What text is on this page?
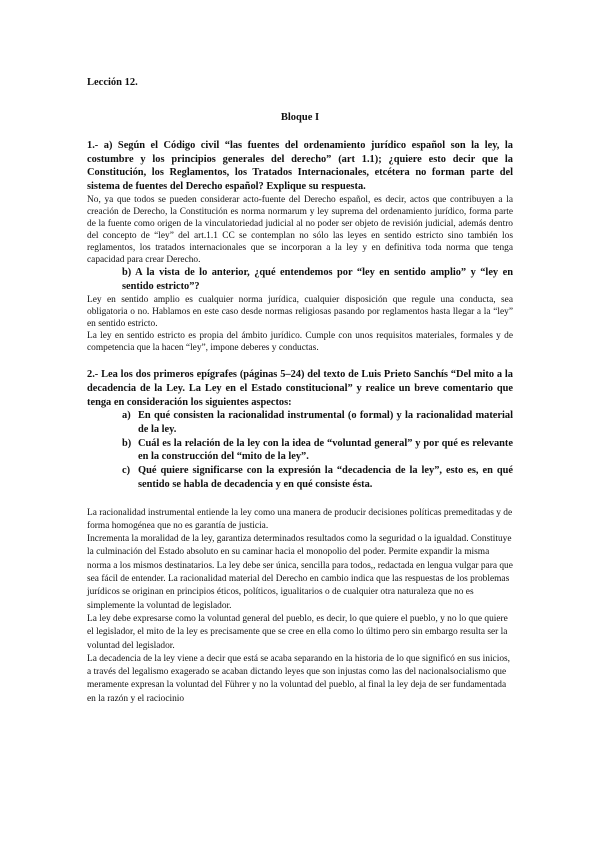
Lección 12.
Bloque I

1.- a) Según el Código civil “las fuentes del ordenamiento jurídico español son la ley, la costumbre y los principios generales del derecho” (art 1.1); ¿quiere esto decir que la Constitución, los Reglamentos, los Tratados Internacionales, etcétera no forman parte del sistema de fuentes del Derecho español? Explique su respuesta.

No, ya que todos se pueden considerar acto-fuente del Derecho español, es decir, actos que contribuyen a la creación de Derecho, la Constitución es norma normarum y ley suprema del ordenamiento jurídico, forma parte de la fuente como origen de la vinculatoriedad judicial al no poder ser objeto de revisión judicial, además dentro del concepto de “ley” del art.1.1 CC se contemplan no sólo las leyes en sentido estricto sino también los reglamentos, los tratados internacionales que se incorporan a la ley y en definitiva toda norma que tenga capacidad para crear Derecho.

b) A la vista de lo anterior, ¿qué entendemos por “ley en sentido amplio” y “ley en sentido estricto”?

Ley en sentido amplio es cualquier norma jurídica, cualquier disposición que regule una conducta, sea obligatoria o no. Hablamos en este caso desde normas religiosas pasando por reglamentos hasta llegar a la “ley” en sentido estricto.

La ley en sentido estricto es propia del ámbito jurídico. Cumple con unos requisitos materiales, formales y de competencia que la hacen “ley”, impone deberes y conductas.

2.- Lea los dos primeros epígrafes (páginas 5–24) del texto de Luis Prieto Sanchís “Del mito a la decadencia de la Ley. La Ley en el Estado constitucional” y realice un breve comentario que tenga en consideración los siguientes aspectos:

a) En qué consisten la racionalidad instrumental (o formal) y la racionalidad material de la ley.
b) Cuál es la relación de la ley con la idea de “voluntad general” y por qué es relevante en la construcción del “mito de la ley”.
c) Qué quiere significarse con la expresión la “decadencia de la ley”, esto es, en qué sentido se habla de decadencia y en qué consiste ésta.

La racionalidad instrumental entiende la ley como una manera de producir decisiones políticas premeditadas y de forma homogénea que no es garantía de justicia.

Incrementa la moralidad de la ley, garantiza determinados resultados como la seguridad o la igualdad. Constituye la culminación del Estado absoluto en su caminar hacia el monopolio del poder. Permite expandir la misma norma a los mismos destinatarios. La ley debe ser única, sencilla para todos,, redactada en lengua vulgar para que sea fácil de entender. La racionalidad material del Derecho en cambio indica que las respuestas de los problemas jurídicos se originan en principios éticos, políticos, igualitarios o de cualquier otra naturaleza que no es simplemente la voluntad de legislador.

La ley debe expresarse como la voluntad general del pueblo, es decir, lo que quiere el pueblo, y no lo que quiere el legislador, el mito de la ley es precisamente que se cree en ella como lo último pero sin embargo resulta ser la voluntad del legislador.

La decadencia de la ley viene a decir que está se acaba separando en la historia de lo que significó en sus inicios, a través del legalismo exagerado se acaban dictando leyes que son injustas como las del nacionalsocialismo que meramente expresan la voluntad del Führer y no la voluntad del pueblo, al final la ley deja de ser fundamentada en la razón y el raciocinio
